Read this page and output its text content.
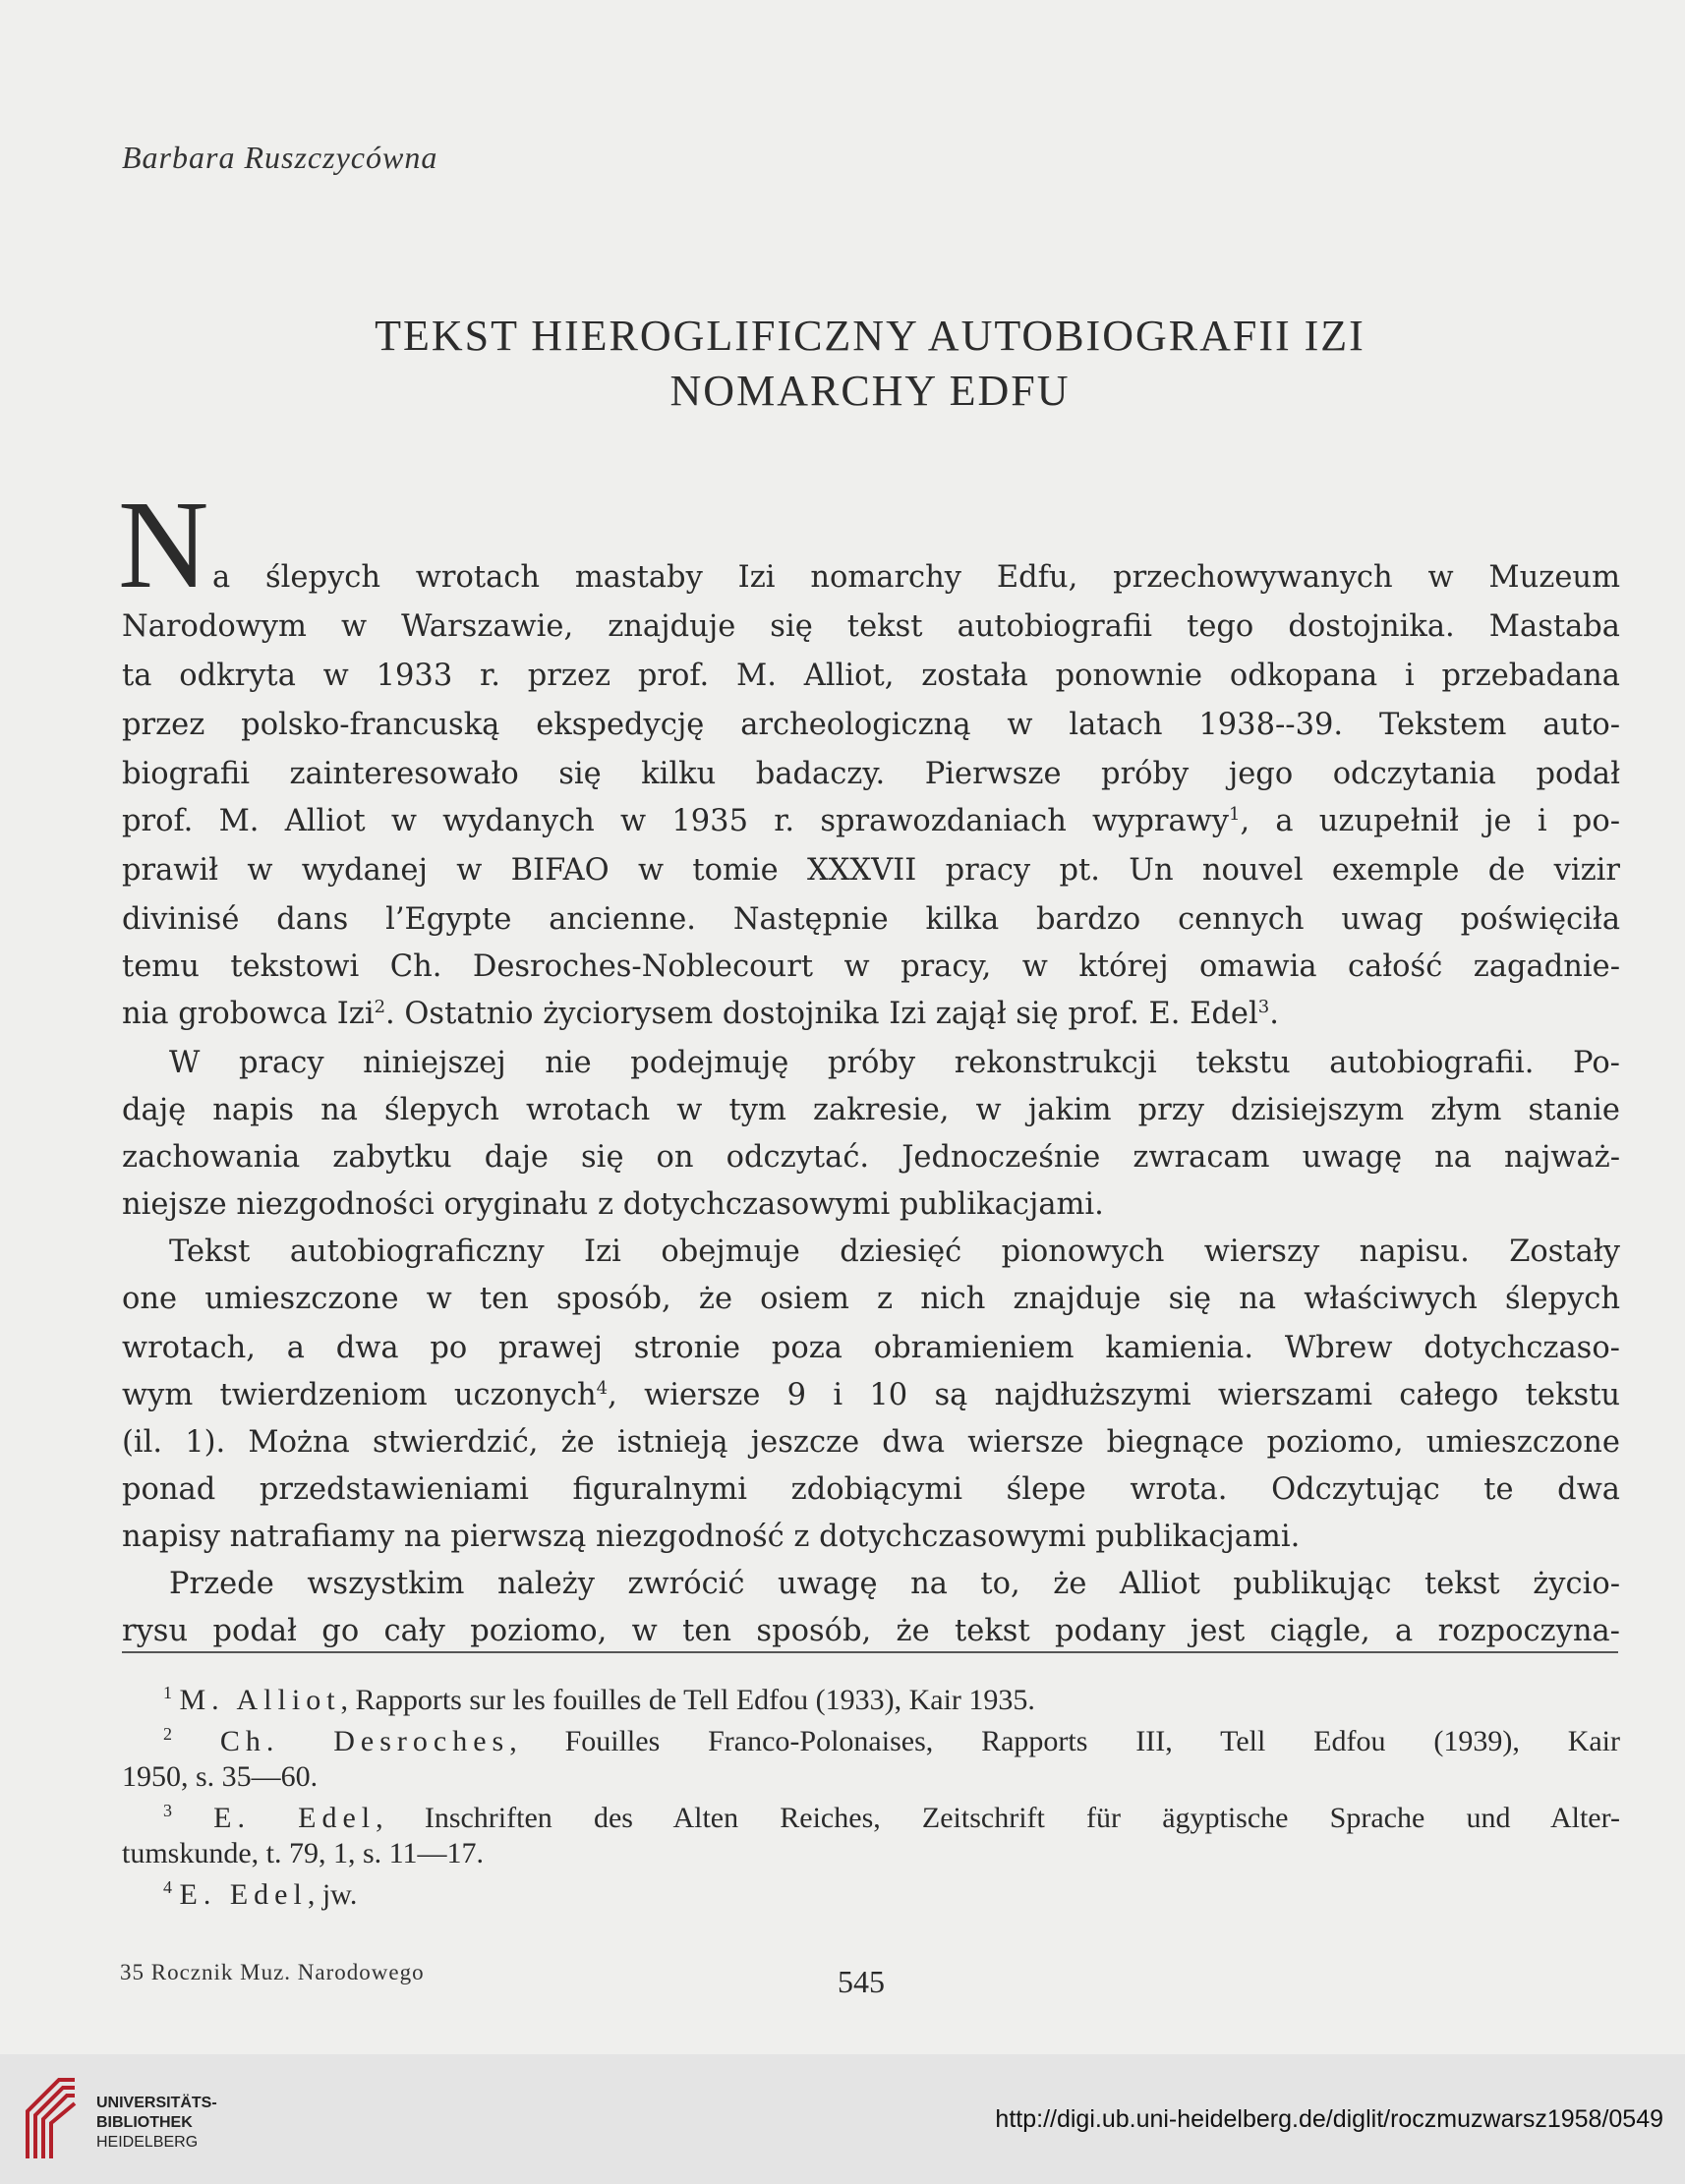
Barbara Ruszczycówna
TEKST HIEROGLIFICZNY AUTOBIOGRAFII IZI
NOMARCHY EDFU
N a ślepych wrotach mastaby Izi nomarchy Edfu, przechowywanych w Muzeum
Narodowym w Warszawie, znajduje się tekst autobiografii tego dostojnika. Mastaba
ta odkryta w 1933 r. przez prof. M. Alliot, została ponownie odkopana i przebadana
przez polsko-francuską ekspedycję archeologiczną w latach 1938--39. Tekstem auto-
biografii zainteresowało się kilku badaczy. Pierwsze próby jego odczytania podał
prof. M. Alliot w wydanych w 1935 r. sprawozdaniach wyprawy$^1$, a uzupełnił je i po-
prawił w wydanej w BIFAO w tomie XXXVII pracy pt. Un nouvel exemple de vizir
divinisé dans l’Egypte ancienne. Następnie kilka bardzo cennych uwag poświęciła
temu tekstowi Ch. Desroches-Noblecourt w pracy, w której omawia całość zagadnie-
nia grobowca Izi$^2$. Ostatnio życiorysem dostojnika Izi zajął się prof. E. Edel$^3$.
W pracy niniejszej nie podejmuję próby rekonstrukcji tekstu autobiografii. Po-
daję napis na ślepych wrotach w tym zakresie, w jakim przy dzisiejszym złym stanie
zachowania zabytku daje się on odczytać. Jednocześnie zwracam uwagę na najważ-
niejsze niezgodności oryginału z dotychczasowymi publikacjami.
Tekst autobiograficzny Izi obejmuje dziesięć pionowych wierszy napisu. Zostały
one umieszczone w ten sposób, że osiem z nich znajduje się na właściwych ślepych
wrotach, a dwa po prawej stronie poza obramieniem kamienia. Wbrew dotychczaso-
wym twierdzeniom uczonych$^4$, wiersze 9 i 10 są najdłuższymi wierszami całego tekstu
(il. 1). Można stwierdzić, że istnieją jeszcze dwa wiersze biegnące poziomo, umieszczone
ponad przedstawieniami figuralnymi zdobiącymi ślepe wrota. Odczytując te dwa
napisy natrafiamy na pierwszą niezgodność z dotychczasowymi publikacjami.
Przede wszystkim należy zwrócić uwagę na to, że Alliot publikując tekst życio-
rysu podał go cały poziomo, w ten sposób, że tekst podany jest ciągle, a rozpoczyna-
$^1$ M. Alliot, Rapports sur les fouilles de Tell Edfou (1933), Kair 1935.
$^2$ Ch. Desroches, Fouilles Franco-Polonaises, Rapports III, Tell Edfou (1939), Kair
1950, s. 35—60.
$^3$ E. Edel, Inschriften des Alten Reiches, Zeitschrift für ägyptische Sprache und Alter-
tumskunde, t. 79, 1, s. 11—17.
$^4$ E. Edel, jw.
35 Rocznik Muz. Narodowego	545
UNIVERSITÄTS-
BIBLIOTHEK
HEIDELBERG
http://digi.ub.uni-heidelberg.de/diglit/roczmuzwarsz1958/0549
